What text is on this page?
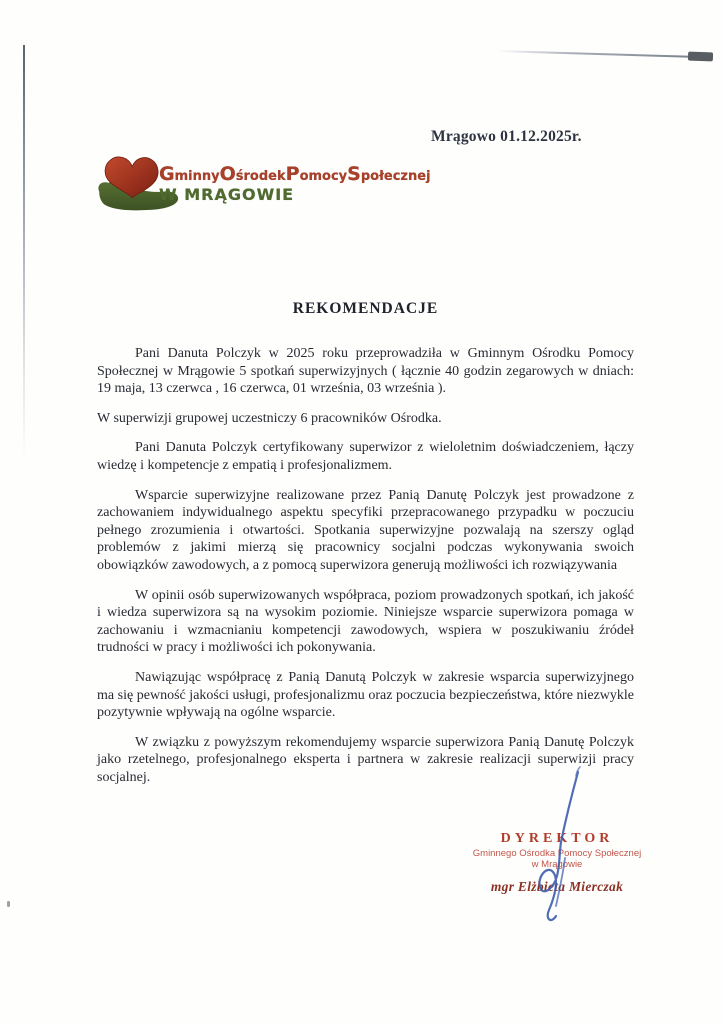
Mrągowo 01.12.2025r.
GminnyOśrodekPomocySpołecznej
W MRĄGOWIE
REKOMENDACJE

Pani Danuta Polczyk w 2025 roku przeprowadziła w Gminnym Ośrodku Pomocy Społecznej w Mrągowie 5 spotkań superwizyjnych ( łącznie 40 godzin zegarowych w dniach: 19 maja, 13 czerwca , 16 czerwca, 01 września, 03 września ).

W superwizji grupowej uczestniczy 6 pracowników Ośrodka.

Pani Danuta Polczyk certyfikowany superwizor z wieloletnim doświadczeniem, łączy wiedzę i kompetencje z empatią i profesjonalizmem.

Wsparcie superwizyjne realizowane przez Panią Danutę Polczyk jest prowadzone z zachowaniem indywidualnego aspektu specyfiki przepracowanego przypadku w poczuciu pełnego zrozumienia i otwartości. Spotkania superwizyjne pozwalają na szerszy ogląd problemów z jakimi mierzą się pracownicy socjalni podczas wykonywania swoich obowiązków zawodowych, a z pomocą superwizora generują możliwości ich rozwiązywania

W opinii osób superwizowanych współpraca, poziom prowadzonych spotkań, ich jakość i wiedza superwizora są na wysokim poziomie. Niniejsze wsparcie superwizora pomaga w zachowaniu i wzmacnianiu kompetencji zawodowych, wspiera w poszukiwaniu źródeł trudności w pracy i możliwości ich pokonywania.

Nawiązując współpracę z Panią Danutą Polczyk w zakresie wsparcia superwizyjnego ma się pewność jakości usługi, profesjonalizmu oraz poczucia bezpieczeństwa, które niezwykle pozytywnie wpływają na ogólne wsparcie.

W związku z powyższym rekomendujemy wsparcie superwizora Panią Danutę Polczyk jako rzetelnego, profesjonalnego eksperta i partnera w zakresie realizacji superwizji pracy socjalnej.

DYREKTOR
Gminnego Ośrodka Pomocy Społecznej
w Mrągowie
mgr Elżbieta Mierczak
